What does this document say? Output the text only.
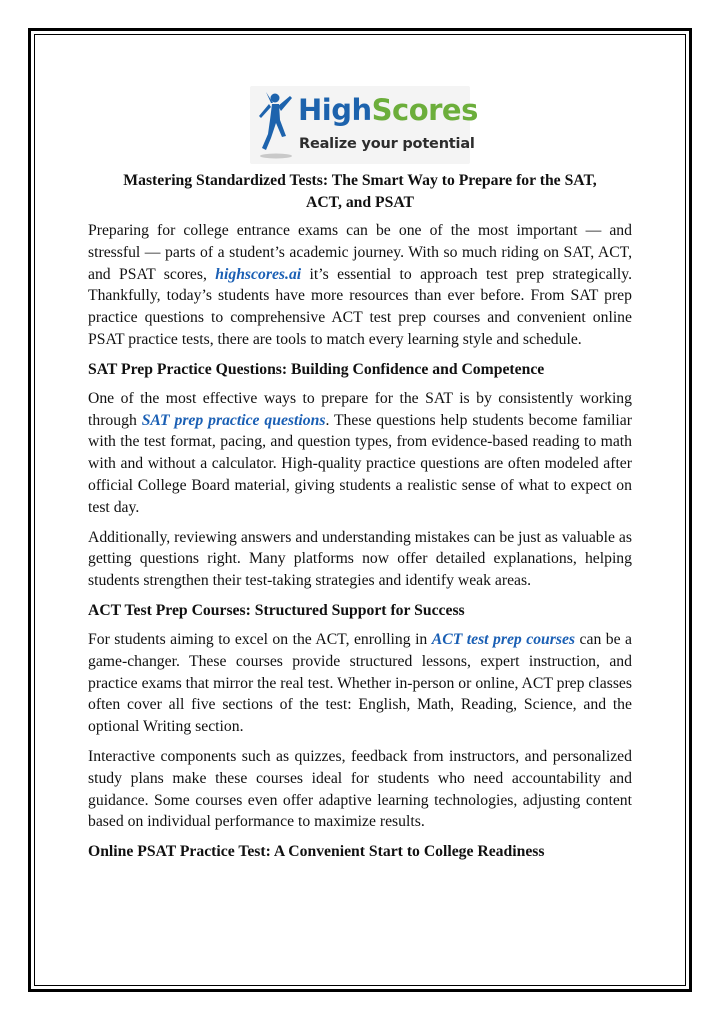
HighScores
Realize your potential
Mastering Standardized Tests: The Smart Way to Prepare for the SAT,
ACT, and PSAT

Preparing for college entrance exams can be one of the most important — and stressful — parts of a student’s academic journey. With so much riding on SAT, ACT, and PSAT scores, highscores.ai it’s essential to approach test prep strategically. Thankfully, today’s students have more resources than ever before. From SAT prep practice questions to comprehensive ACT test prep courses and convenient online PSAT practice tests, there are tools to match every learning style and schedule.

SAT Prep Practice Questions: Building Confidence and Competence

One of the most effective ways to prepare for the SAT is by consistently working through SAT prep practice questions. These questions help students become familiar with the test format, pacing, and question types, from evidence-based reading to math with and without a calculator. High-quality practice questions are often modeled after official College Board material, giving students a realistic sense of what to expect on test day.

Additionally, reviewing answers and understanding mistakes can be just as valuable as getting questions right. Many platforms now offer detailed explanations, helping students strengthen their test-taking strategies and identify weak areas.

ACT Test Prep Courses: Structured Support for Success

For students aiming to excel on the ACT, enrolling in ACT test prep courses can be a game-changer. These courses provide structured lessons, expert instruction, and practice exams that mirror the real test. Whether in-person or online, ACT prep classes often cover all five sections of the test: English, Math, Reading, Science, and the optional Writing section.

Interactive components such as quizzes, feedback from instructors, and personalized study plans make these courses ideal for students who need accountability and guidance. Some courses even offer adaptive learning technologies, adjusting content based on individual performance to maximize results.

Online PSAT Practice Test: A Convenient Start to College Readiness
